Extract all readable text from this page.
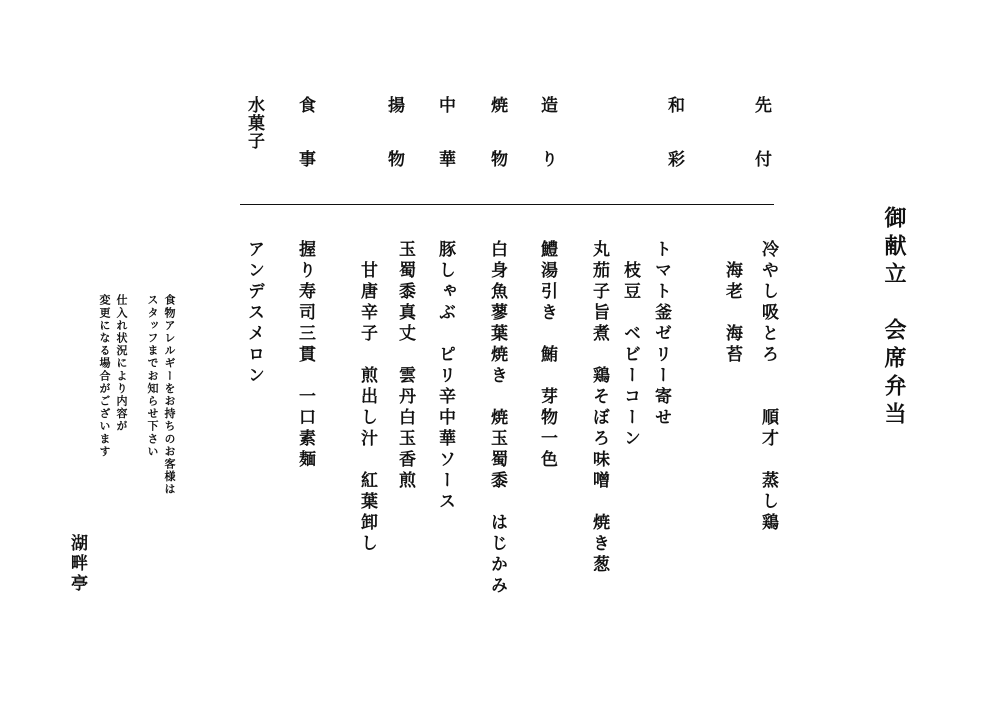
御献立　会席弁当
先　付
和　彩
造　り
焼　物
中　華
揚　物
食　事
水菓子
冷やし吸とろ　　順才　蒸し鶏
　海老　海苔
トマト釜ゼリー寄せ
　枝豆　ベビーコーン
丸茄子旨煮　鶏そぼろ味噌　焼き葱
鱧湯引き　鮪　芽物一色
白身魚蓼葉焼き　焼玉蜀黍　はじかみ
豚しゃぶ　ピリ辛中華ソース
玉蜀黍真丈　雲丹白玉香煎
　甘唐辛子　煎出し汁　紅葉卸し
握り寿司三貫　一口素麺
アンデスメロン
食物アレルギーをお持ちのお客様は
スタッフまでお知らせ下さい
仕入れ状況により内容が
変更になる場合がございます
湖畔亭
